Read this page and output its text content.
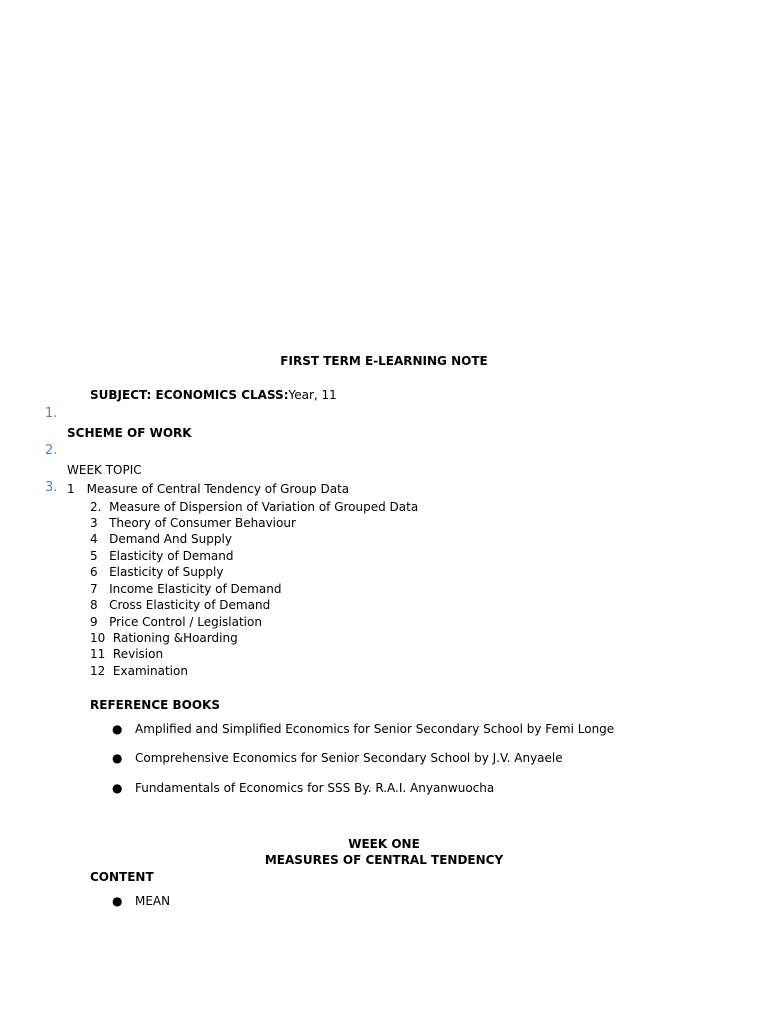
FIRST TERM E-LEARNING NOTE
SUBJECT: ECONOMICS CLASS:Year, 11
1.
2.
3.
SCHEME OF WORK
WEEK TOPIC
1 Measure of Central Tendency of Group Data
2. Measure of Dispersion of Variation of Grouped Data
3 Theory of Consumer Behaviour
4 Demand And Supply
5 Elasticity of Demand
6 Elasticity of Supply
7 Income Elasticity of Demand
8 Cross Elasticity of Demand
9 Price Control / Legislation
10 Rationing &Hoarding
11 Revision
12 Examination
REFERENCE BOOKS
● Amplified and Simplified Economics for Senior Secondary School by Femi Longe
● Comprehensive Economics for Senior Secondary School by J.V. Anyaele
● Fundamentals of Economics for SSS By. R.A.I. Anyanwuocha
WEEK ONE
MEASURES OF CENTRAL TENDENCY
CONTENT
● MEAN
